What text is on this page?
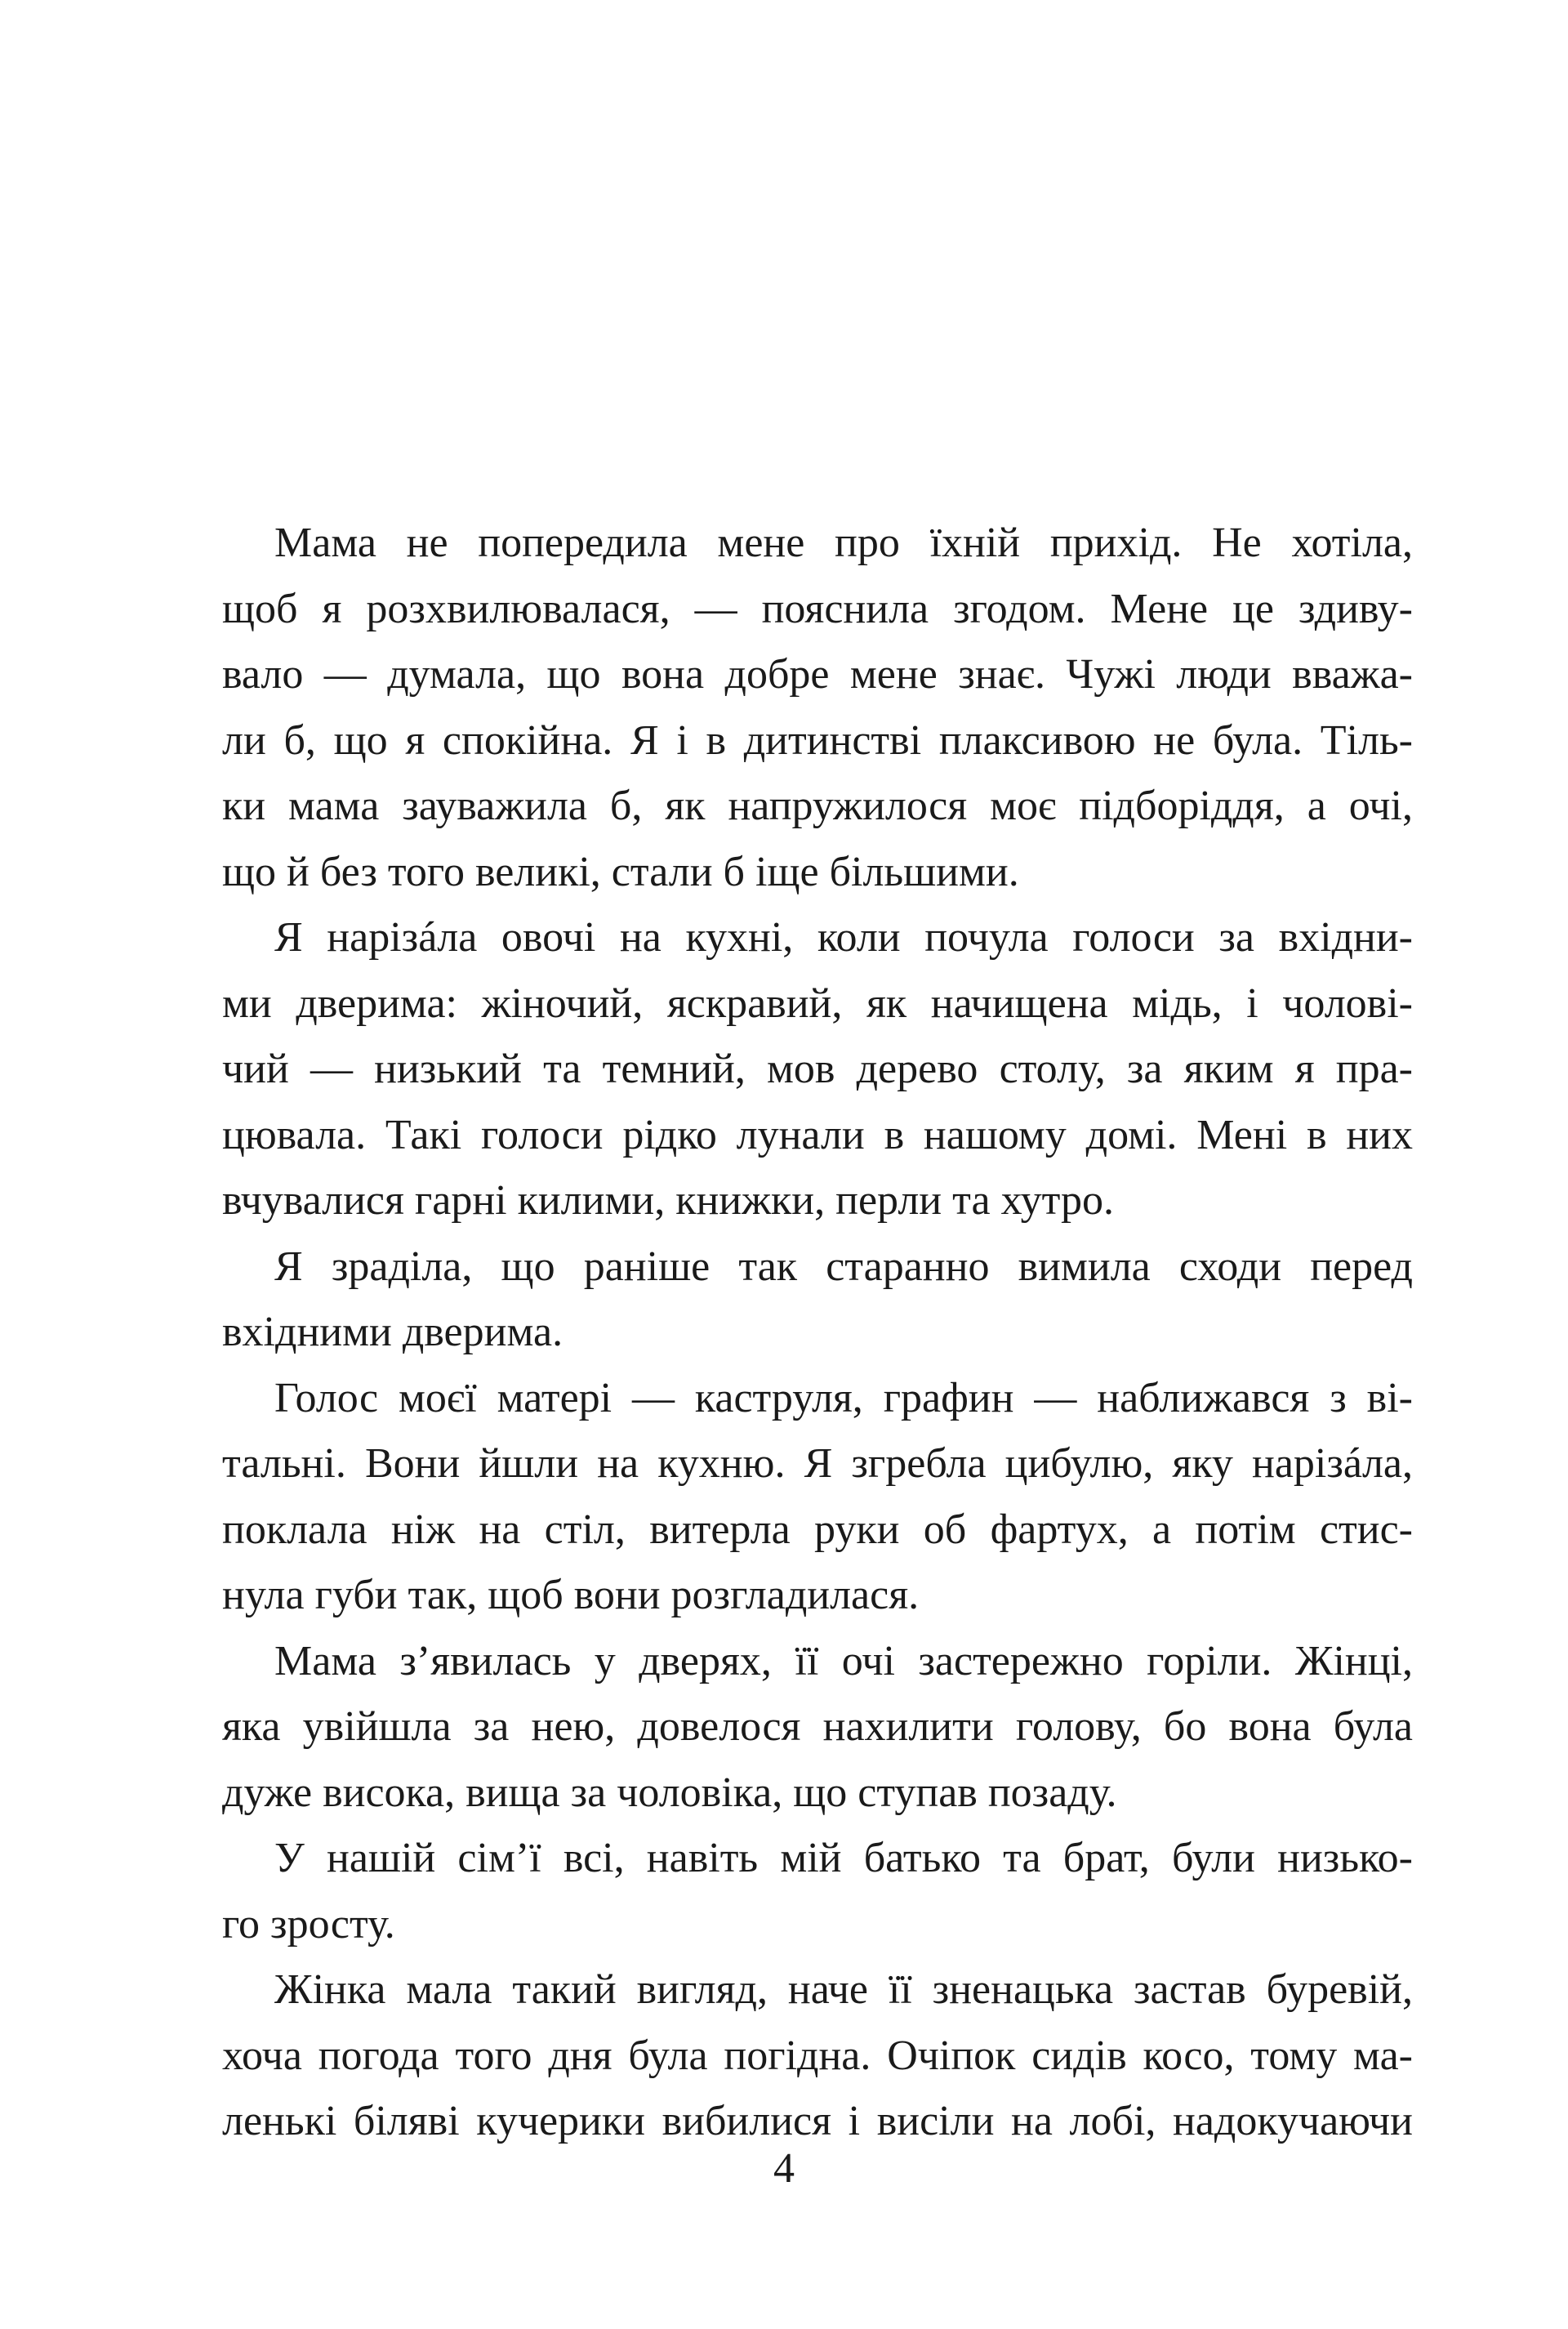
Мама не попередила мене про їхній прихід. Не хотіла,
щоб я розхвилювалася, — пояснила згодом. Мене це здиву-
вало — думала, що вона добре мене знає. Чужі люди вважа-
ли б, що я спокійна. Я і в дитинстві плаксивою не була. Тіль-
ки мама зауважила б, як напружилося моє підборіддя, а очі,
що й без того великі, стали б іще більшими.
Я нарізáла овочі на кухні, коли почула голоси за вхідни-
ми дверима: жіночий, яскравий, як начищена мідь, і чолові-
чий — низький та темний, мов дерево столу, за яким я пра-
цювала. Такі голоси рідко лунали в нашому домі. Мені в них
вчувалися гарні килими, книжки, перли та хутро.
Я зраділа, що раніше так старанно вимила сходи перед
вхідними дверима.
Голос моєї матері — каструля, графин — наближався з ві-
тальні. Вони йшли на кухню. Я згребла цибулю, яку нарізáла,
поклала ніж на стіл, витерла руки об фартух, а потім стис-
нула губи так, щоб вони розгладилася.
Мама з’явилась у дверях, її очі застережно горіли. Жінці,
яка увійшла за нею, довелося нахилити голову, бо вона була
дуже висока, вища за чоловіка, що ступав позаду.
У нашій сім’ї всі, навіть мій батько та брат, були низько-
го зросту.
Жінка мала такий вигляд, наче її зненацька застав буревій,
хоча погода того дня була погідна. Очіпок сидів косо, тому ма-
ленькі біляві кучерики вибилися і висіли на лобі, надокучаючи
4
